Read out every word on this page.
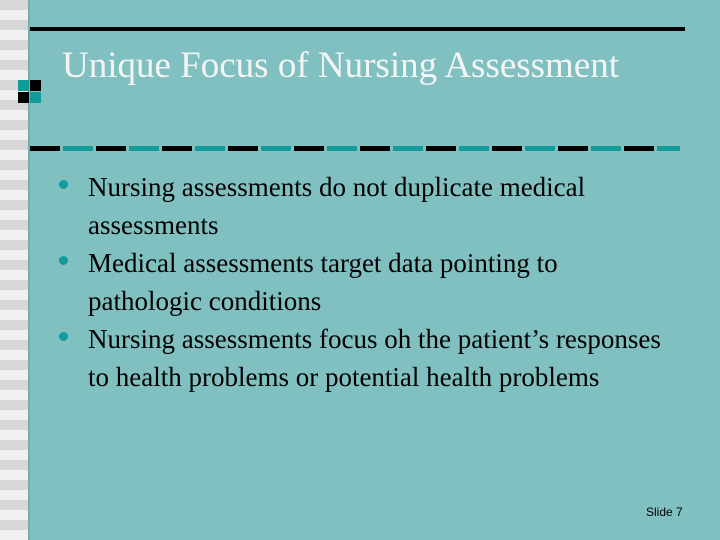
Unique Focus of Nursing Assessment
Nursing assessments do not duplicate medical assessments
Medical assessments target data pointing to pathologic conditions
Nursing assessments focus oh the patient’s responses to health problems or potential health problems
Slide 7
